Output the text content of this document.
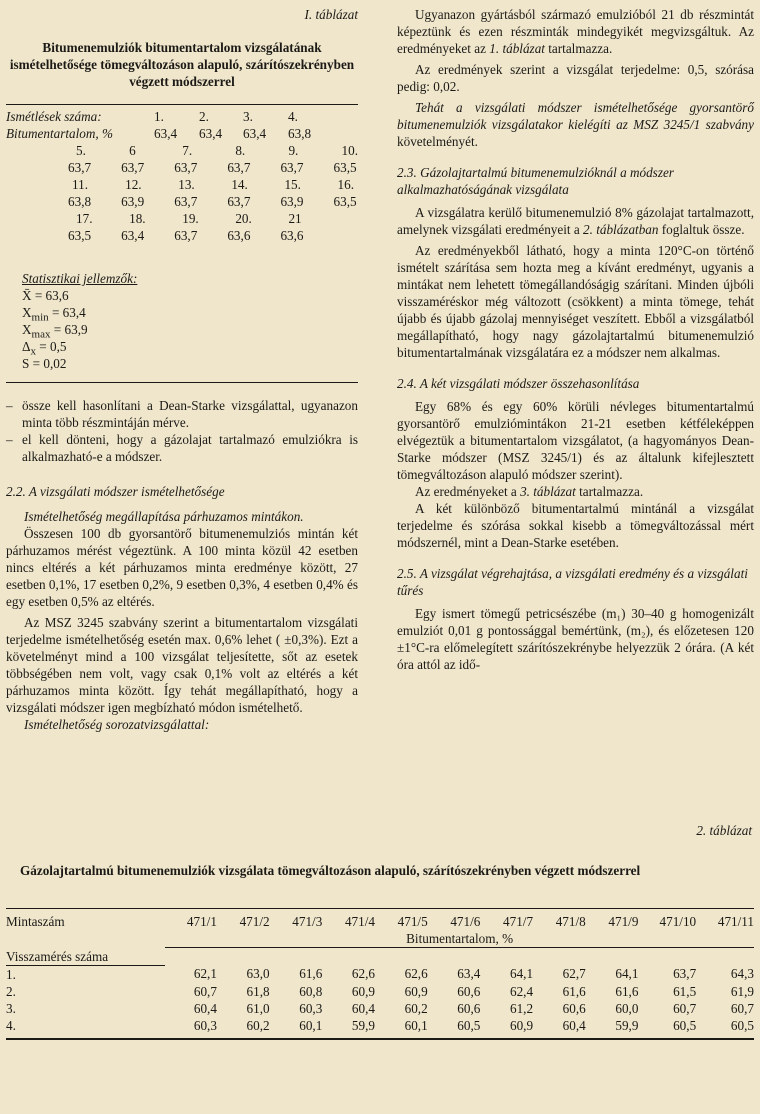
I. táblázat
Bitumenemulziók bitumentartalom vizsgálatának ismételhetősége tömegváltozáson alapuló, szárítószekrényben végzett módszerrel
Ismétlések száma:	1.	2.	3.	4.
Bitumentartalom, %	63,4	63,4	63,4	63,8
5.	6	7.	8.	9.	10.
63,7	63,7	63,7	63,7	63,7	63,5
11.	12.	13.	14.	15.	16.
63,8	63,9	63,7	63,7	63,9	63,5
17.	18.	19.	20.	21	
63,5	63,4	63,7	63,6	63,6	
Statisztikai jellemzők:
X̄ = 63,6
$X_{min} = 63,4$
$X_{max} = 63,9$
$\Delta_x = 0,5$
S = 0,02
– össze kell hasonlítani a Dean-Starke vizsgálattal, ugyanazon minta több részmintáján mérve.
– el kell dönteni, hogy a gázolajat tartalmazó emulziókra is alkalmazható-e a módszer.
2.2. A vizsgálati módszer ismételhetősége

Ismételhetőség megállapítása párhuzamos mintákon.

Összesen 100 db gyorsantörő bitumenemulziós mintán két párhuzamos mérést végeztünk. A 100 minta közül 42 esetben nincs eltérés a két párhuzamos minta eredménye között, 27 esetben 0,1%, 17 esetben 0,2%, 9 esetben 0,3%, 4 esetben 0,4% és egy esetben 0,5% az eltérés.

Az MSZ 3245 szabvány szerint a bitumentartalom vizsgálati terjedelme ismételhetőség esetén max. 0,6% lehet ( ±0,3%). Ezt a követelményt mind a 100 vizsgálat teljesítette, sőt az esetek többségében nem volt, vagy csak 0,1% volt az eltérés a két párhuzamos minta között. Így tehát megállapítható, hogy a vizsgálati módszer igen megbízható módon ismételhető.

Ismételhetőség sorozatvizsgálattal:

Ugyanazon gyártásból származó emulzióból 21 db részmintát képeztünk és ezen részminták mindegyikét megvizsgáltuk. Az eredményeket az 1. táblázat tartalmazza.

Az eredmények szerint a vizsgálat terjedelme: 0,5, szórása pedig: 0,02.

Tehát a vizsgálati módszer ismételhetősége gyorsantörő bitumenemulziók vizsgálatakor kielégíti az MSZ 3245/1 szabvány követelményét.

2.3. Gázolajtartalmú bitumenemulzióknál a módszer alkalmazhatóságának vizsgálata

A vizsgálatra kerülő bitumenemulzió 8% gázolajat tartalmazott, amelynek vizsgálati eredményeit a 2. táblázatban foglaltuk össze.

Az eredményekből látható, hogy a minta 120°C-on történő ismételt szárítása sem hozta meg a kívánt eredményt, ugyanis a mintákat nem lehetett tömegállandóságig szárítani. Minden újbóli visszaméréskor még változott (csökkent) a minta tömege, tehát újabb és újabb gázolaj mennyiséget veszített. Ebből a vizsgálatból megállapítható, hogy nagy gázolajtartalmú bitumenemulzió bitumentartalmának vizsgálatára ez a módszer nem alkalmas.

2.4. A két vizsgálati módszer összehasonlítása

Egy 68% és egy 60% körüli névleges bitumentartalmú gyorsantörő emulziómintákon 21-21 esetben kétféleképpen elvégeztük a bitumentartalom vizsgálatot, (a hagyományos Dean-Starke módszer (MSZ 3245/1) és az általunk kifejlesztett tömegváltozáson alapuló módszer szerint).

Az eredményeket a 3. táblázat tartalmazza.

A két különböző bitumentartalmú mintánál a vizsgálat terjedelme és szórása sokkal kisebb a tömegváltozással mért módszernél, mint a Dean-Starke esetében.

2.5. A vizsgálat végrehajtása, a vizsgálati eredmény és a vizsgálati tűrés

Egy ismert tömegű petricsészébe (m₁) 30–40 g homogenizált emulziót 0,01 g pontossággal bemértünk, (m₂), és előzetesen 120 ±1°C-ra előmelegített szárítószekrénybe helyezzük 2 órára. (A két óra attól az idő-

2. táblázat
Gázolajtartalmú bitumenemulziók vizsgálata tömegváltozáson alapuló, szárítószekrényben végzett módszerrel
Mintaszám	471/1	471/2	471/3	471/4	471/5	471/6	471/7	471/8	471/9	471/10	471/11
	Bitumentartalom, %										
Visszamérés száma											
1.	62,1	63,0	61,6	62,6	62,6	63,4	64,1	62,7	64,1	63,7	64,3
2.	60,7	61,8	60,8	60,9	60,9	60,6	62,4	61,6	61,6	61,5	61,9
3.	60,4	61,0	60,3	60,4	60,2	60,6	61,2	60,6	60,0	60,7	60,7
4.	60,3	60,2	60,1	59,9	60,1	60,5	60,9	60,4	59,9	60,5	60,5
